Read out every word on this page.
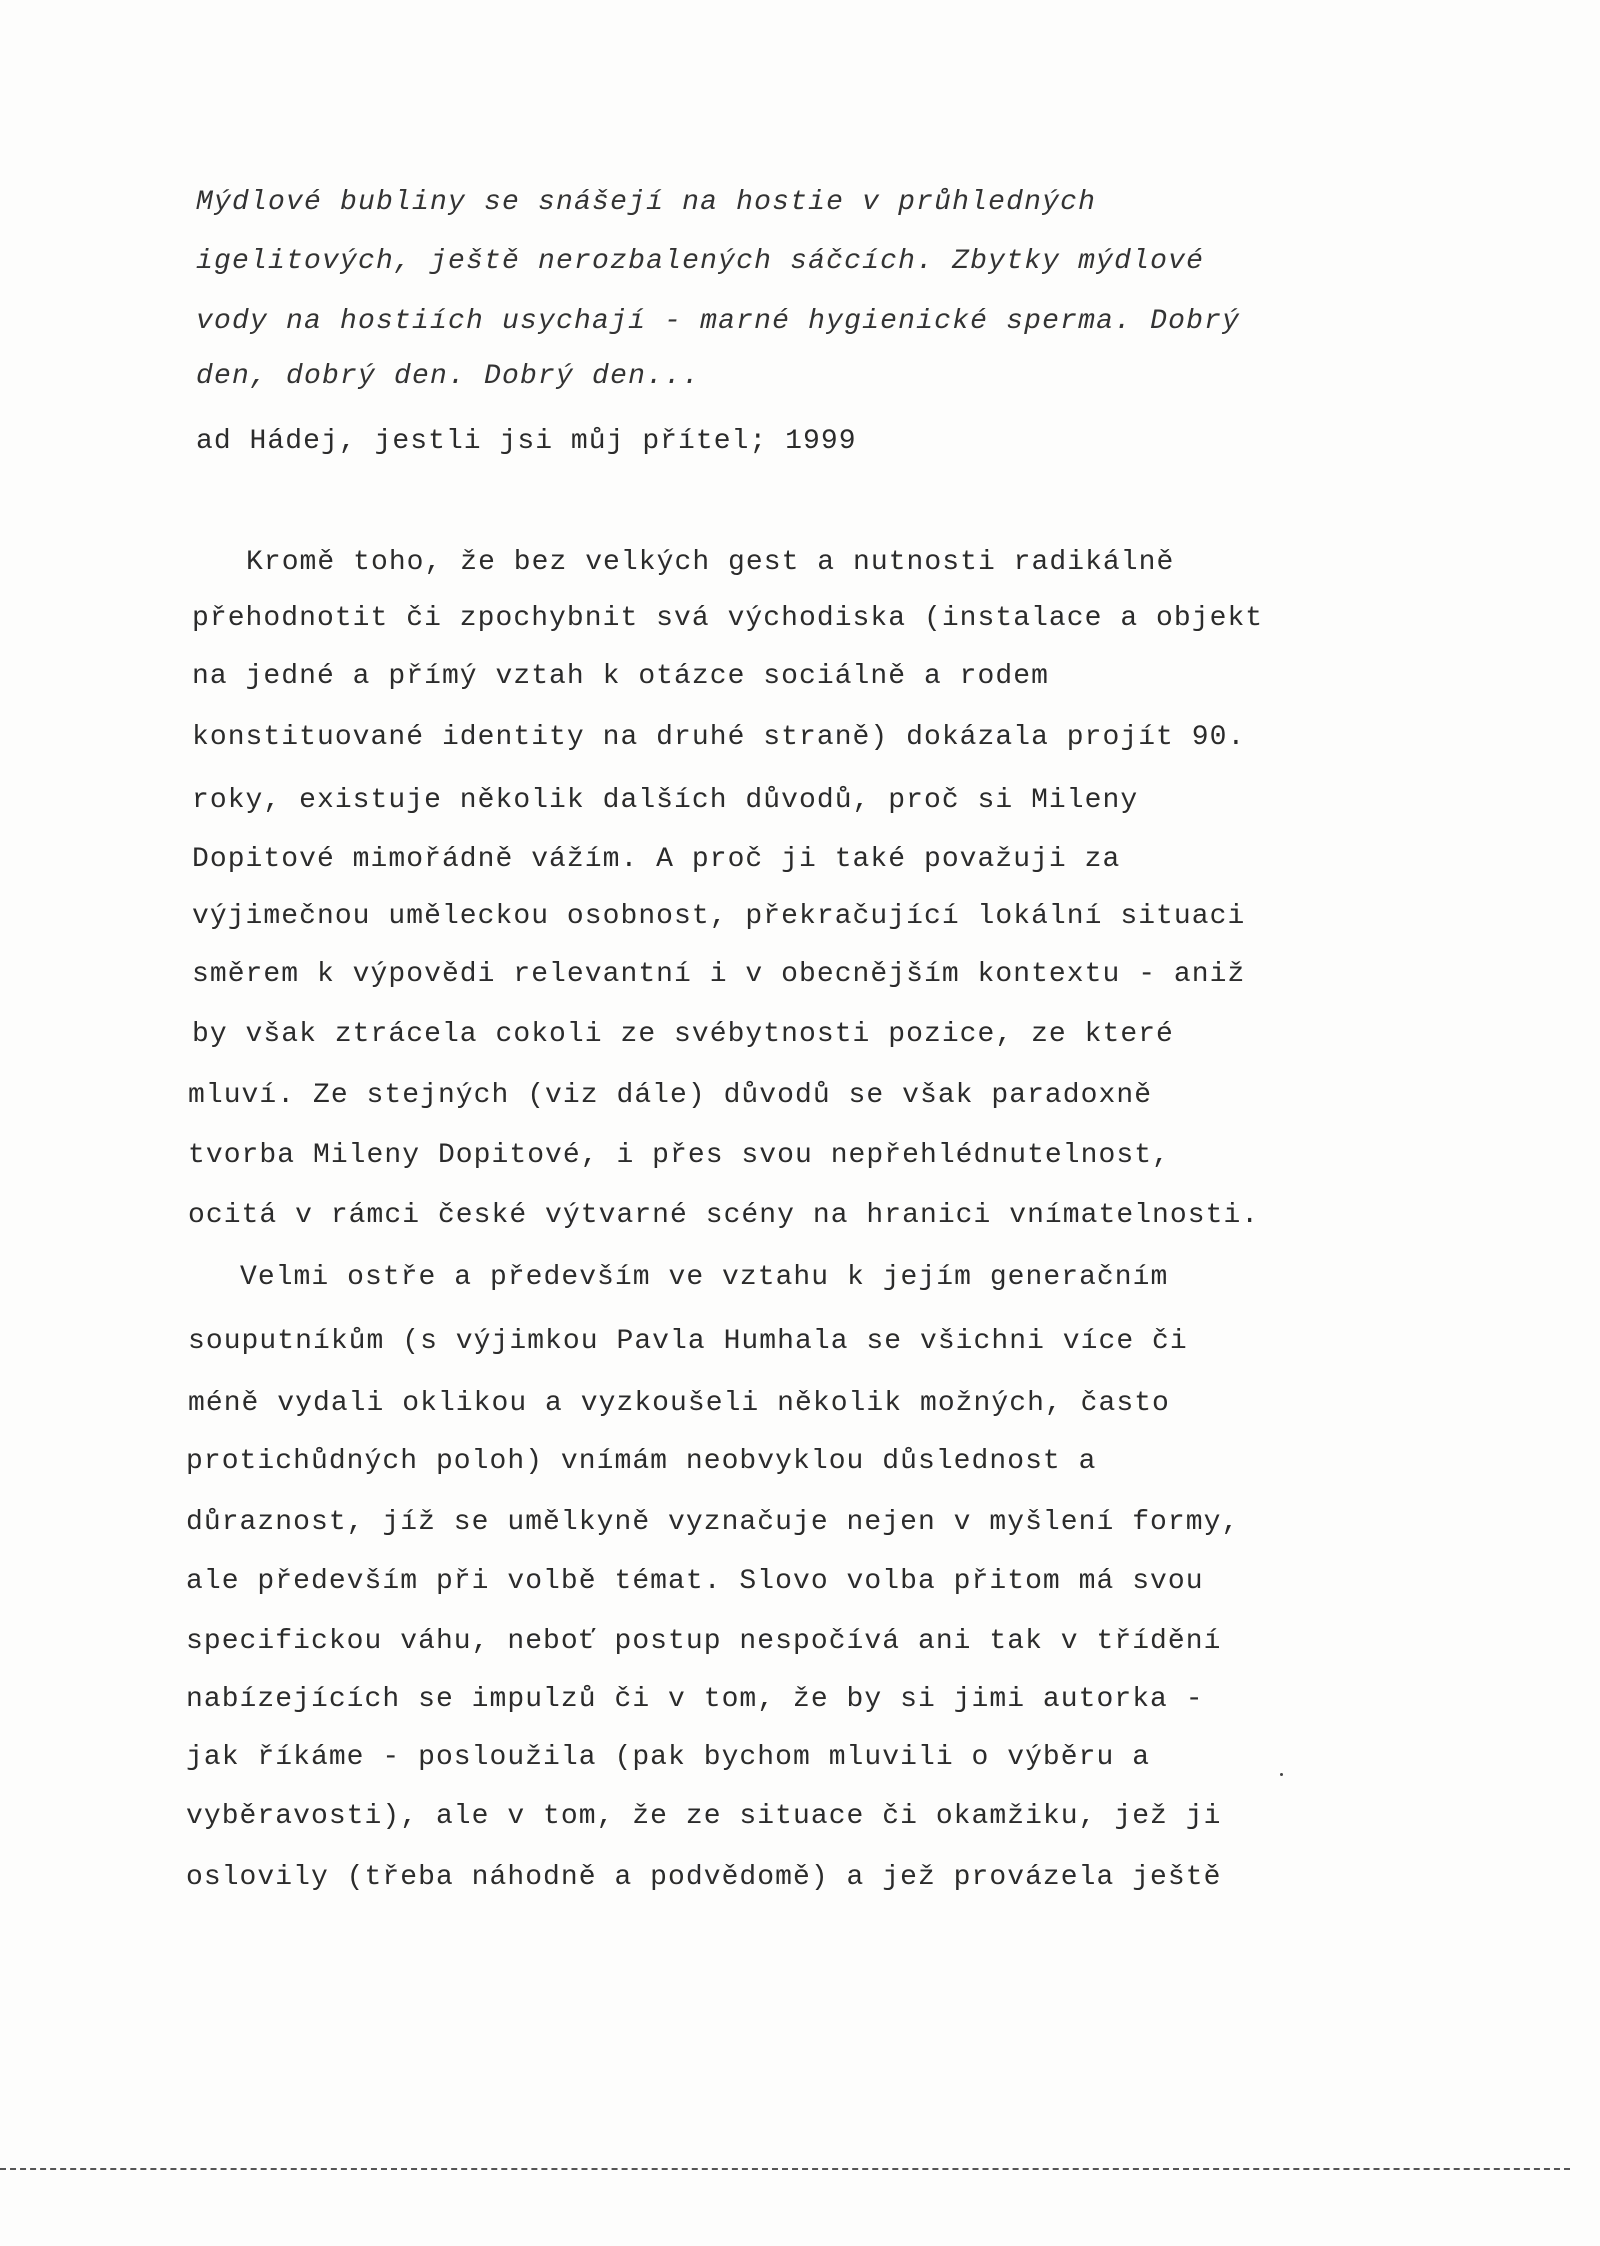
Mýdlové bubliny se snášejí na hostie v průhledných
igelitových, ještě nerozbalených sáčcích. Zbytky mýdlové
vody na hostiích usychají - marné hygienické sperma. Dobrý
den, dobrý den. Dobrý den...
ad Hádej, jestli jsi můj přítel; 1999
Kromě toho, že bez velkých gest a nutnosti radikálně
přehodnotit či zpochybnit svá východiska (instalace a objekt
na jedné a přímý vztah k otázce sociálně a rodem
konstituované identity na druhé straně) dokázala projít 90.
roky, existuje několik dalších důvodů, proč si Mileny
Dopitové mimořádně vážím. A proč ji také považuji za
výjimečnou uměleckou osobnost, překračující lokální situaci
směrem k výpovědi relevantní i v obecnějším kontextu - aniž
by však ztrácela cokoli ze svébytnosti pozice, ze které
mluví. Ze stejných (viz dále) důvodů se však paradoxně
tvorba Mileny Dopitové, i přes svou nepřehlédnutelnost,
ocitá v rámci české výtvarné scény na hranici vnímatelnosti.
Velmi ostře a především ve vztahu k jejím generačním
souputníkům (s výjimkou Pavla Humhala se všichni více či
méně vydali oklikou a vyzkoušeli několik možných, často
protichůdných poloh) vnímám neobvyklou důslednost a
důraznost, jíž se umělkyně vyznačuje nejen v myšlení formy,
ale především při volbě témat. Slovo volba přitom má svou
specifickou váhu, neboť postup nespočívá ani tak v třídění
nabízejících se impulzů či v tom, že by si jimi autorka -
jak říkáme - posloužila (pak bychom mluvili o výběru a
vyběravosti), ale v tom, že ze situace či okamžiku, jež ji
oslovily (třeba náhodně a podvědomě) a jež provázela ještě
